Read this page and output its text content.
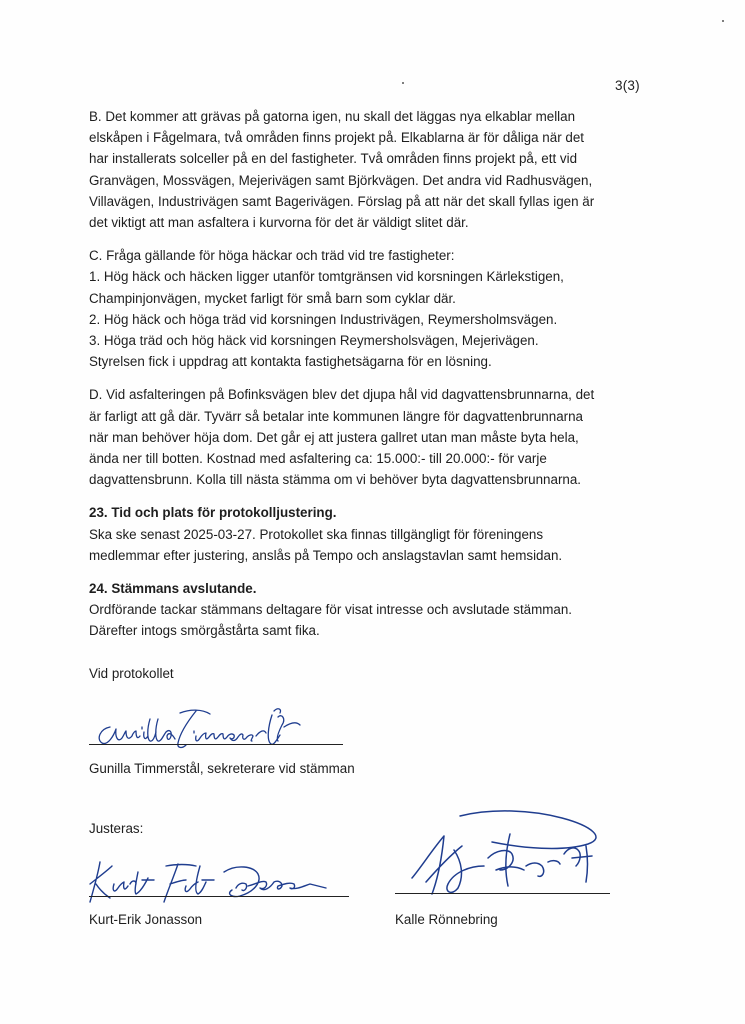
3(3)
B. Det kommer att grävas på gatorna igen, nu skall det läggas nya elkablar mellan
elskåpen i Fågelmara, två områden finns projekt på. Elkablarna är för dåliga när det
har installerats solceller på en del fastigheter. Två områden finns projekt på, ett vid
Granvägen, Mossvägen, Mejerivägen samt Björkvägen. Det andra vid Radhusvägen,
Villavägen, Industrivägen samt Bagerivägen. Förslag på att när det skall fyllas igen är
det viktigt att man asfaltera i kurvorna för det är väldigt slitet där.
C. Fråga gällande för höga häckar och träd vid tre fastigheter:
1. Hög häck och häcken ligger utanför tomtgränsen vid korsningen Kärlekstigen,
Champinjonvägen, mycket farligt för små barn som cyklar där.
2. Hög häck och höga träd vid korsningen Industrivägen, Reymersholmsvägen.
3. Höga träd och hög häck vid korsningen Reymersholsvägen, Mejerivägen.
Styrelsen fick i uppdrag att kontakta fastighetsägarna för en lösning.
D. Vid asfalteringen på Bofinksvägen blev det djupa hål vid dagvattensbrunnarna, det
är farligt att gå där. Tyvärr så betalar inte kommunen längre för dagvattenbrunnarna
när man behöver höja dom. Det går ej att justera gallret utan man måste byta hela,
ända ner till botten. Kostnad med asfaltering ca: 15.000:- till 20.000:- för varje
dagvattensbrunn. Kolla till nästa stämma om vi behöver byta dagvattensbrunnarna.
23. Tid och plats för protokolljustering.
Ska ske senast 2025-03-27. Protokollet ska finnas tillgängligt för föreningens
medlemmar efter justering, anslås på Tempo och anslagstavlan samt hemsidan.
24. Stämmans avslutande.
Ordförande tackar stämmans deltagare för visat intresse och avslutade stämman.
Därefter intogs smörgåstårta samt fika.
Vid protokollet
Gunilla Timmerstål, sekreterare vid stämman
Justeras:
Kurt-Erik Jonasson	Kalle Rönnebring
